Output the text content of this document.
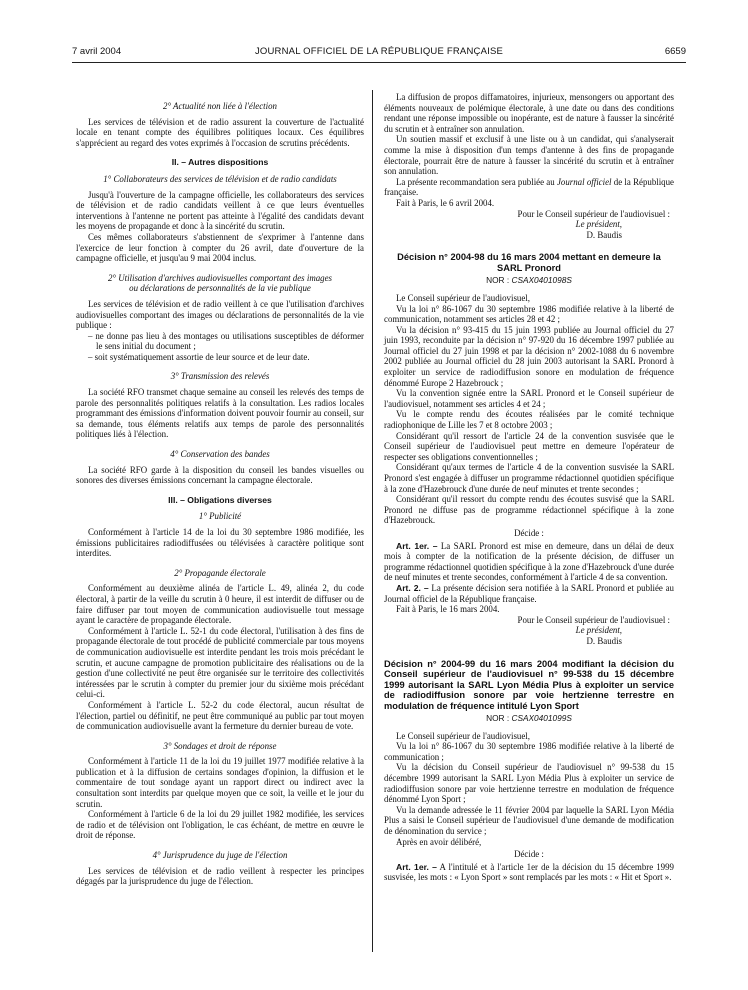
7 avril 2004	JOURNAL OFFICIEL DE LA RÉPUBLIQUE FRANÇAISE	6659

2° Actualité non liée à l'élection

Les services de télévision et de radio assurent la couverture de l'actualité locale en tenant compte des équilibres politiques locaux. Ces équilibres s'apprécient au regard des votes exprimés à l'occasion de scrutins précédents.

II. – Autres dispositions

1° Collaborateurs des services de télévision et de radio candidats

Jusqu'à l'ouverture de la campagne officielle, les collaborateurs des services de télévision et de radio candidats veillent à ce que leurs éventuelles interventions à l'antenne ne portent pas atteinte à l'égalité des candidats devant les moyens de propagande et donc à la sincérité du scrutin.

Ces mêmes collaborateurs s'abstiennent de s'exprimer à l'antenne dans l'exercice de leur fonction à compter du 26 avril, date d'ouverture de la campagne officielle, et jusqu'au 9 mai 2004 inclus.

2° Utilisation d'archives audiovisuelles comportant des images

ou déclarations de personnalités de la vie publique

Les services de télévision et de radio veillent à ce que l'utilisation d'archives audiovisuelles comportant des images ou déclarations de personnalités de la vie publique :

– ne donne pas lieu à des montages ou utilisations susceptibles de déformer le sens initial du document ;
– soit systématiquement assortie de leur source et de leur date.

3° Transmission des relevés

La société RFO transmet chaque semaine au conseil les relevés des temps de parole des personnalités politiques relatifs à la consultation. Les radios locales programmant des émissions d'information doivent pouvoir fournir au conseil, sur sa demande, tous éléments relatifs aux temps de parole des personnalités politiques liés à l'élection.

4° Conservation des bandes

La société RFO garde à la disposition du conseil les bandes visuelles ou sonores des diverses émissions concernant la campagne électorale.

III. – Obligations diverses

1° Publicité

Conformément à l'article 14 de la loi du 30 septembre 1986 modifiée, les émissions publicitaires radiodiffusées ou télévisées à caractère politique sont interdites.

2° Propagande électorale

Conformément au deuxième alinéa de l'article L. 49, alinéa 2, du code électoral, à partir de la veille du scrutin à 0 heure, il est interdit de diffuser ou de faire diffuser par tout moyen de communication audiovisuelle tout message ayant le caractère de propagande électorale.

Conformément à l'article L. 52-1 du code électoral, l'utilisation à des fins de propagande électorale de tout procédé de publicité commerciale par tous moyens de communication audiovisuelle est interdite pendant les trois mois précédant le scrutin, et aucune campagne de promotion publicitaire des réalisations ou de la gestion d'une collectivité ne peut être organisée sur le territoire des collectivités intéressées par le scrutin à compter du premier jour du sixième mois précédant celui-ci.

Conformément à l'article L. 52-2 du code électoral, aucun résultat de l'élection, partiel ou définitif, ne peut être communiqué au public par tout moyen de communication audiovisuelle avant la fermeture du dernier bureau de vote.

3° Sondages et droit de réponse

Conformément à l'article 11 de la loi du 19 juillet 1977 modifiée relative à la publication et à la diffusion de certains sondages d'opinion, la diffusion et le commentaire de tout sondage ayant un rapport direct ou indirect avec la consultation sont interdits par quelque moyen que ce soit, la veille et le jour du scrutin.

Conformément à l'article 6 de la loi du 29 juillet 1982 modifiée, les services de radio et de télévision ont l'obligation, le cas échéant, de mettre en œuvre le droit de réponse.

4° Jurisprudence du juge de l'élection

Les services de télévision et de radio veillent à respecter les principes dégagés par la jurisprudence du juge de l'élection.

La diffusion de propos diffamatoires, injurieux, mensongers ou apportant des éléments nouveaux de polémique électorale, à une date ou dans des conditions rendant une réponse impossible ou inopérante, est de nature à fausser la sincérité du scrutin et à entraîner son annulation.

Un soutien massif et exclusif à une liste ou à un candidat, qui s'analyserait comme la mise à disposition d'un temps d'antenne à des fins de propagande électorale, pourrait être de nature à fausser la sincérité du scrutin et à entraîner son annulation.

La présente recommandation sera publiée au Journal officiel de la République française.

Fait à Paris, le 6 avril 2004.

Pour le Conseil supérieur de l'audiovisuel :

Le président,

D. Baudis

Décision n° 2004-98 du 16 mars 2004 mettant en demeure la SARL Pronord

NOR : CSAX0401098S

Le Conseil supérieur de l'audiovisuel,

Vu la loi n° 86-1067 du 30 septembre 1986 modifiée relative à la liberté de communication, notamment ses articles 28 et 42 ;

Vu la décision n° 93-415 du 15 juin 1993 publiée au Journal officiel du 27 juin 1993, reconduite par la décision n° 97-920 du 16 décembre 1997 publiée au Journal officiel du 27 juin 1998 et par la décision n° 2002-1088 du 6 novembre 2002 publiée au Journal officiel du 28 juin 2003 autorisant la SARL Pronord à exploiter un service de radiodiffusion sonore en modulation de fréquence dénommé Europe 2 Hazebrouck ;

Vu la convention signée entre la SARL Pronord et le Conseil supérieur de l'audiovisuel, notamment ses articles 4 et 24 ;

Vu le compte rendu des écoutes réalisées par le comité technique radiophonique de Lille les 7 et 8 octobre 2003 ;

Considérant qu'il ressort de l'article 24 de la convention susvisée que le Conseil supérieur de l'audiovisuel peut mettre en demeure l'opérateur de respecter ses obligations conventionnelles ;

Considérant qu'aux termes de l'article 4 de la convention susvisée la SARL Pronord s'est engagée à diffuser un programme rédactionnel quotidien spécifique à la zone d'Hazebrouck d'une durée de neuf minutes et trente secondes ;

Considérant qu'il ressort du compte rendu des écoutes susvisé que la SARL Pronord ne diffuse pas de programme rédactionnel spécifique à la zone d'Hazebrouck.

Décide :

Art. 1er. – La SARL Pronord est mise en demeure, dans un délai de deux mois à compter de la notification de la présente décision, de diffuser un programme rédactionnel quotidien spécifique à la zone d'Hazebrouck d'une durée de neuf minutes et trente secondes, conformément à l'article 4 de sa convention.

Art. 2. – La présente décision sera notifiée à la SARL Pronord et publiée au Journal officiel de la République française.

Fait à Paris, le 16 mars 2004.

Pour le Conseil supérieur de l'audiovisuel :

Le président,

D. Baudis

Décision n° 2004-99 du 16 mars 2004 modifiant la décision du Conseil supérieur de l'audiovisuel n° 99-538 du 15 décembre 1999 autorisant la SARL Lyon Média Plus à exploiter un service de radiodiffusion sonore par voie hertzienne terrestre en modulation de fréquence intitulé Lyon Sport

NOR : CSAX0401099S

Le Conseil supérieur de l'audiovisuel,

Vu la loi n° 86-1067 du 30 septembre 1986 modifiée relative à la liberté de communication ;

Vu la décision du Conseil supérieur de l'audiovisuel n° 99-538 du 15 décembre 1999 autorisant la SARL Lyon Média Plus à exploiter un service de radiodiffusion sonore par voie hertzienne terrestre en modulation de fréquence dénommé Lyon Sport ;

Vu la demande adressée le 11 février 2004 par laquelle la SARL Lyon Média Plus a saisi le Conseil supérieur de l'audiovisuel d'une demande de modification de dénomination du service ;

Après en avoir délibéré,

Décide :

Art. 1er. – A l'intitulé et à l'article 1er de la décision du 15 décembre 1999 susvisée, les mots : « Lyon Sport » sont remplacés par les mots : « Hit et Sport ».
